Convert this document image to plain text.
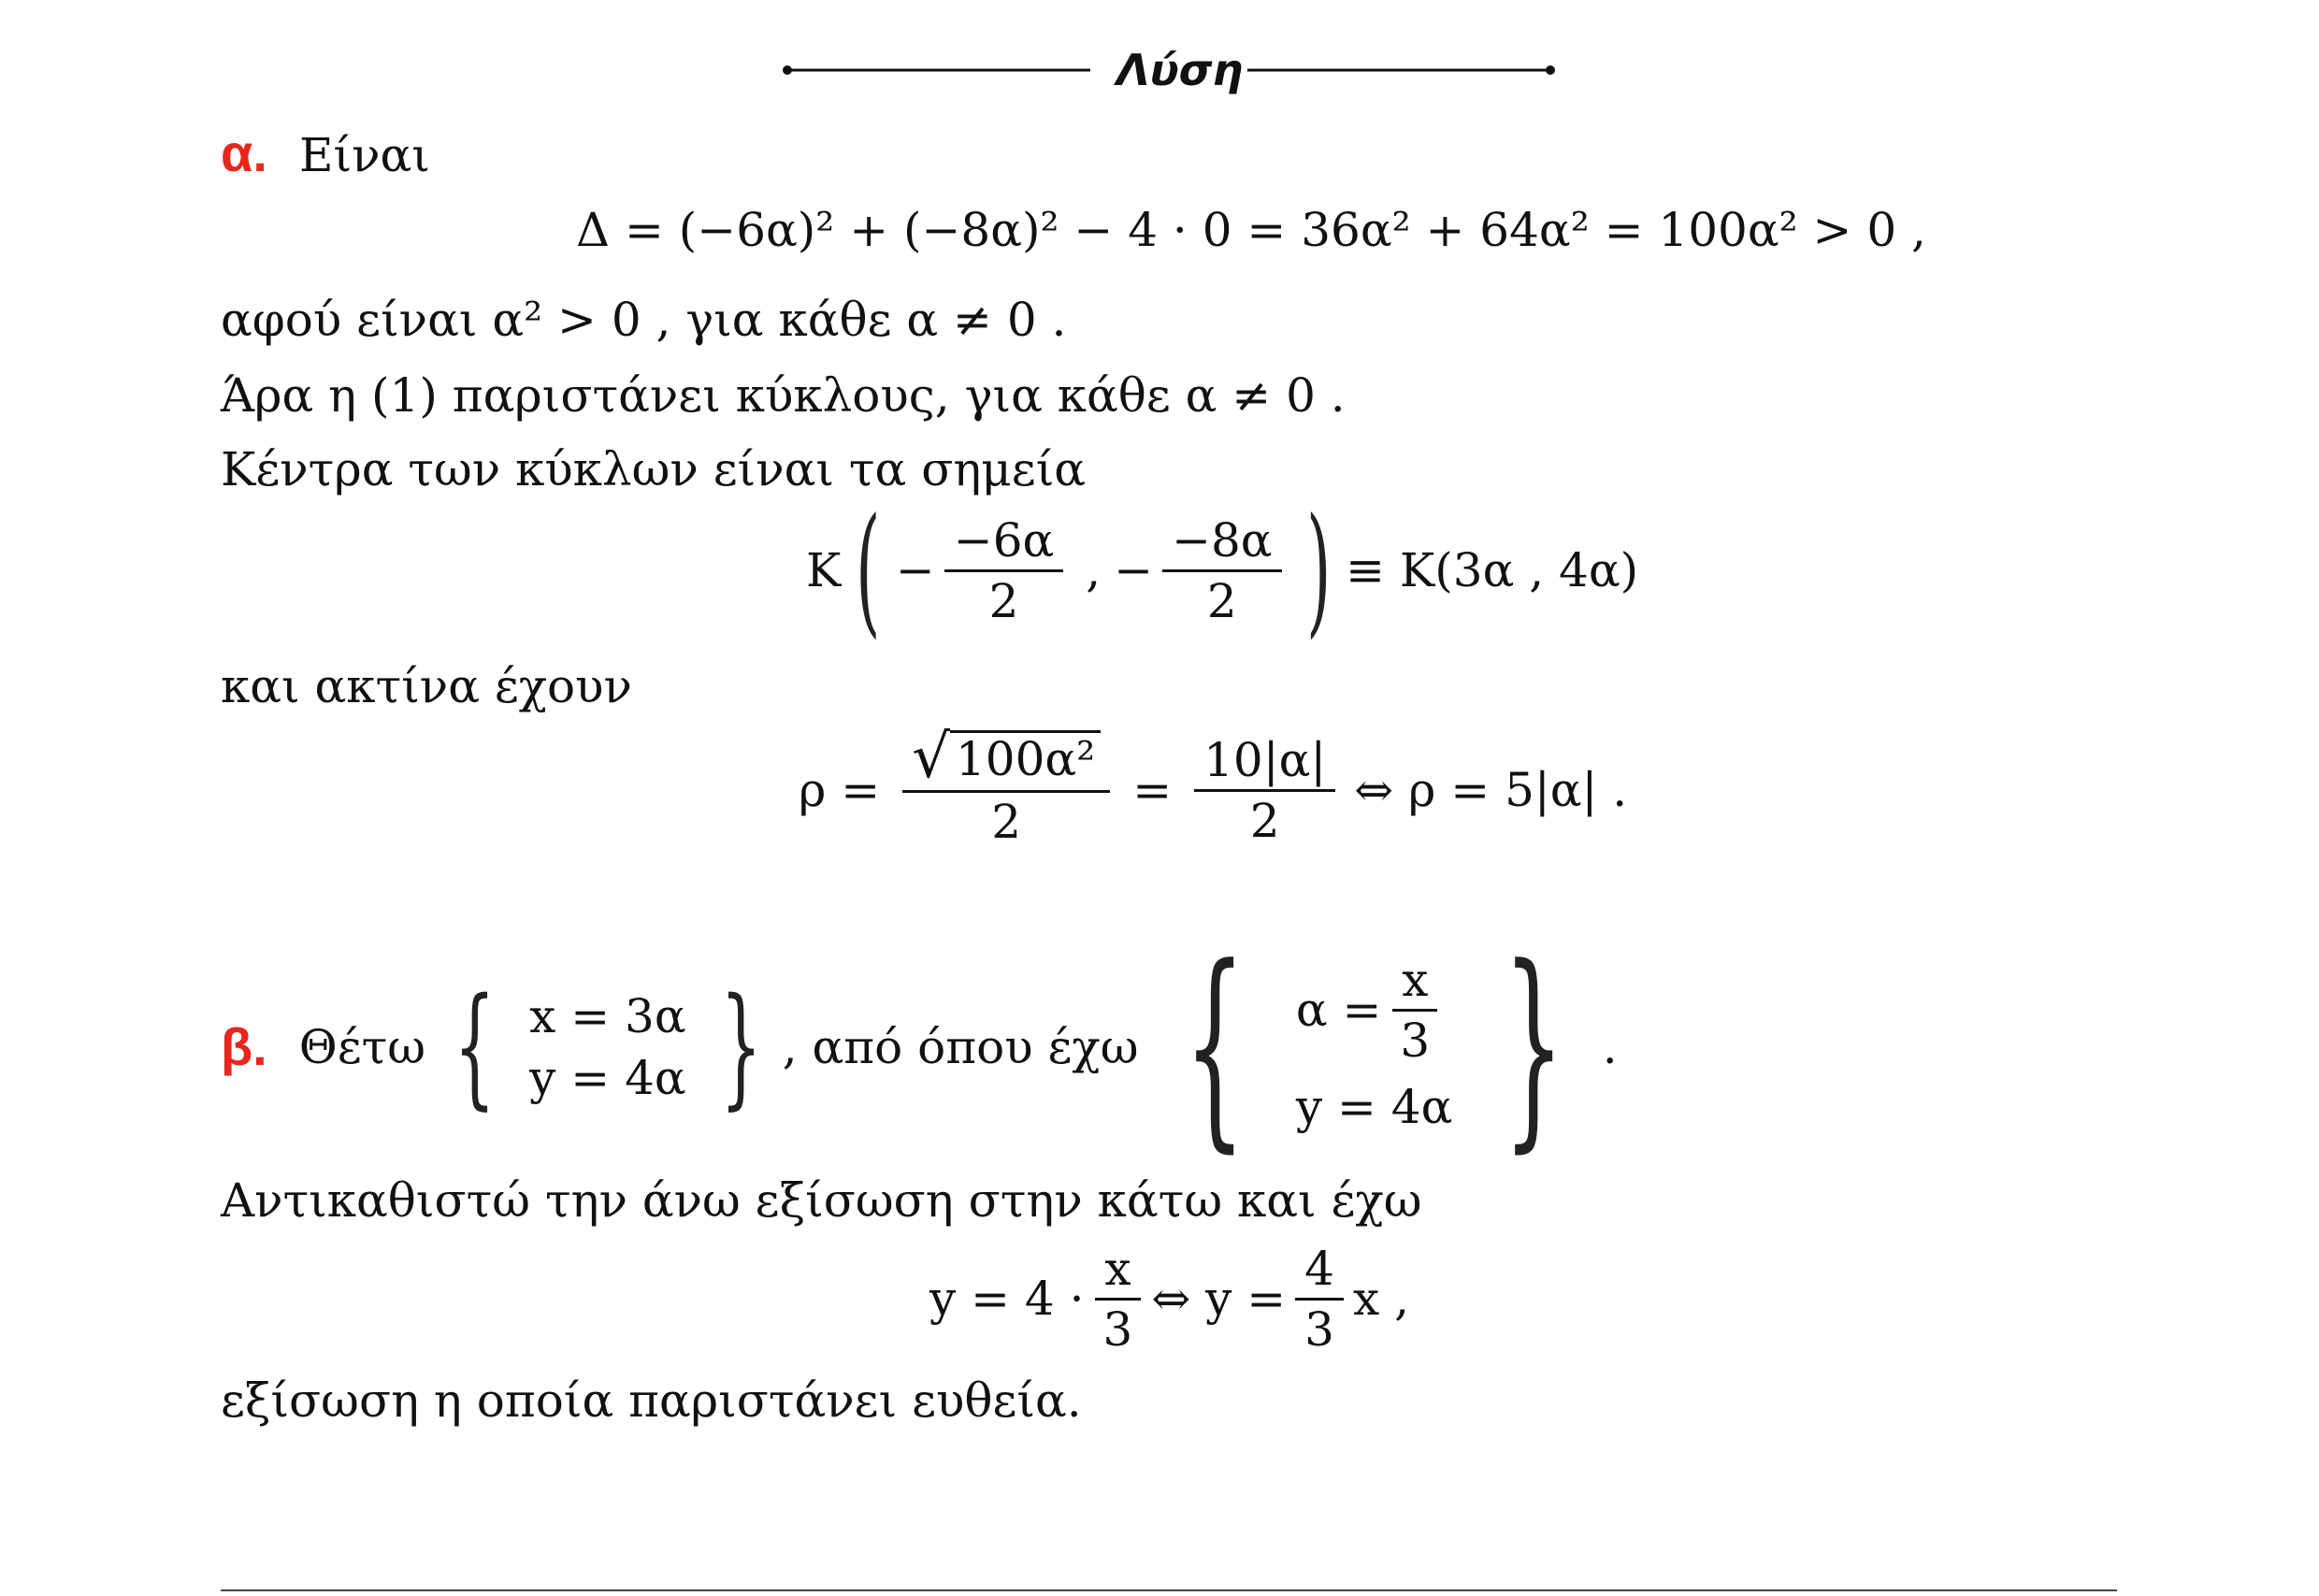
Λύση
α. Είναι
Δ = (−6α)² + (−8α)² − 4 · 0 = 36α² + 64α² = 100α² > 0 ,
αφού είναι α² > 0 , για κάθε α ≠ 0 .
Άρα η (1) παριστάνει κύκλους, για κάθε α ≠ 0 .
Κέντρα των κύκλων είναι τα σημεία
K ( − $\frac{-6\alpha}{2}$ , − $\frac{-8\alpha}{2}$ ) ≡ K(3α , 4α)
και ακτίνα έχουν
$\rho = \frac{\text{√ 100α²}}{2} = \frac{10|\alpha|}{2}$ ⇔ ρ = 5|α| .
β. Θέτω { x = 3α
y = 4α } , από όπου έχω { $\alpha = \frac{x}{3}$
y = 4α } .
Αντικαθιστώ την άνω εξίσωση στην κάτω και έχω
$y = 4 \cdot \frac{x}{3}$ ⇔ $y = \frac{4}{3}$ x ,
εξίσωση η οποία παριστάνει ευθεία.
